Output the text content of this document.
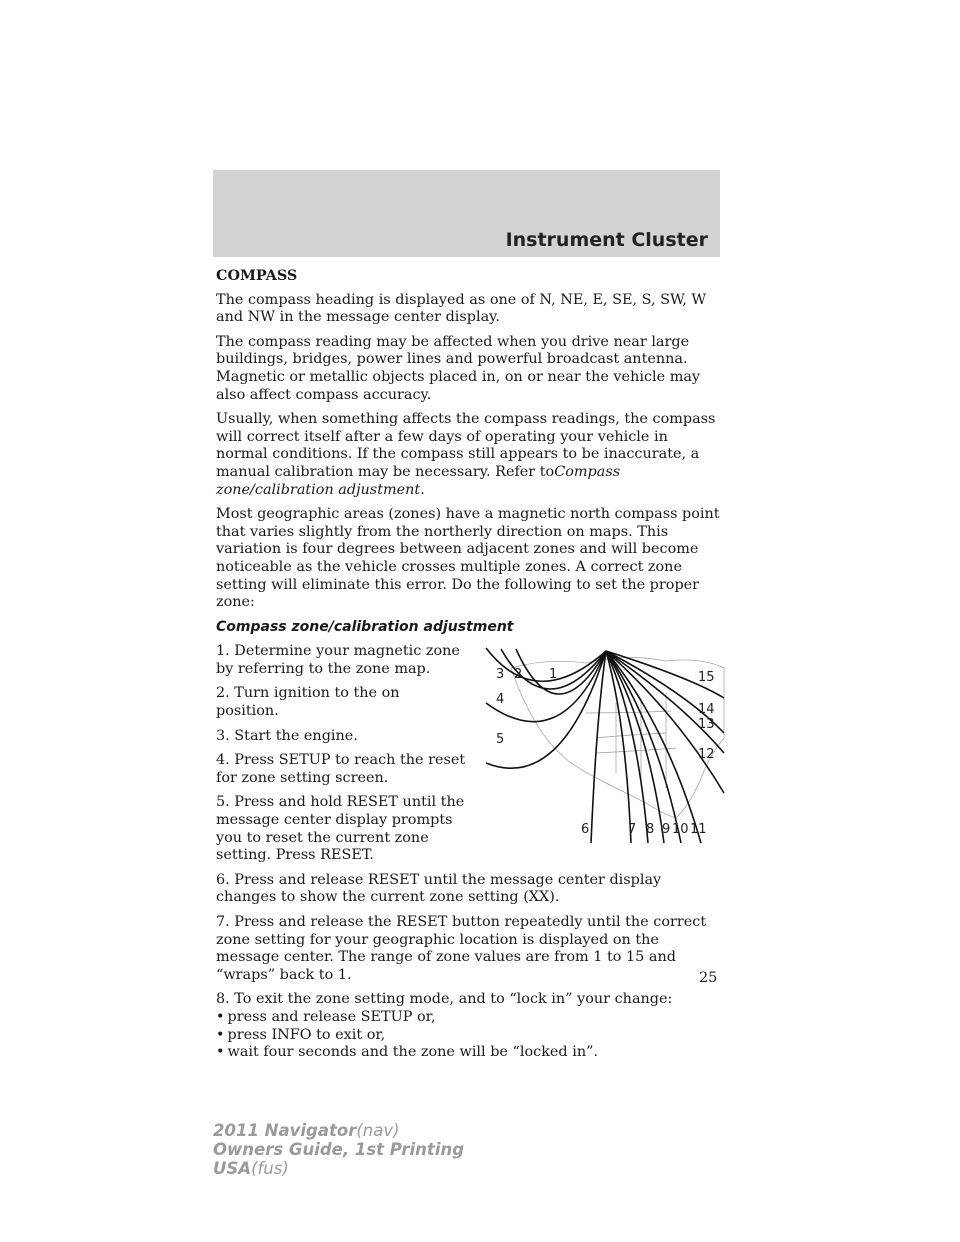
Instrument Cluster

COMPASS

The compass heading is displayed as one of N, NE, E, SE, S, SW, W and NW in the message center display.

The compass reading may be affected when you drive near large buildings, bridges, power lines and powerful broadcast antenna. Magnetic or metallic objects placed in, on or near the vehicle may also affect compass accuracy.

Usually, when something affects the compass readings, the compass will correct itself after a few days of operating your vehicle in normal conditions. If the compass still appears to be inaccurate, a manual calibration may be necessary. Refer toCompass zone/calibration adjustment.

Most geographic areas (zones) have a magnetic north compass point that varies slightly from the northerly direction on maps. This variation is four degrees between adjacent zones and will become noticeable as the vehicle crosses multiple zones. A correct zone setting will eliminate this error. Do the following to set the proper zone:

Compass zone/calibration adjustment

3 2 1
4
5
6	7 8 9 10 11
12
13
14
15

1. Determine your magnetic zone by referring to the zone map.

2. Turn ignition to the on position.

3. Start the engine.

4. Press SETUP to reach the reset for zone setting screen.

5. Press and hold RESET until the message center display prompts you to reset the current zone setting. Press RESET.

6. Press and release RESET until the message center display changes to show the current zone setting (XX).

7. Press and release the RESET button repeatedly until the correct zone setting for your geographic location is displayed on the message center. The range of zone values are from 1 to 15 and “wraps” back to 1.

8. To exit the zone setting mode, and to “lock in” your change:

• press and release SETUP or,
• press INFO to exit or,
• wait four seconds and the zone will be “locked in”.
25
2011 Navigator(nav)
Owners Guide, 1st Printing
USA(fus)
